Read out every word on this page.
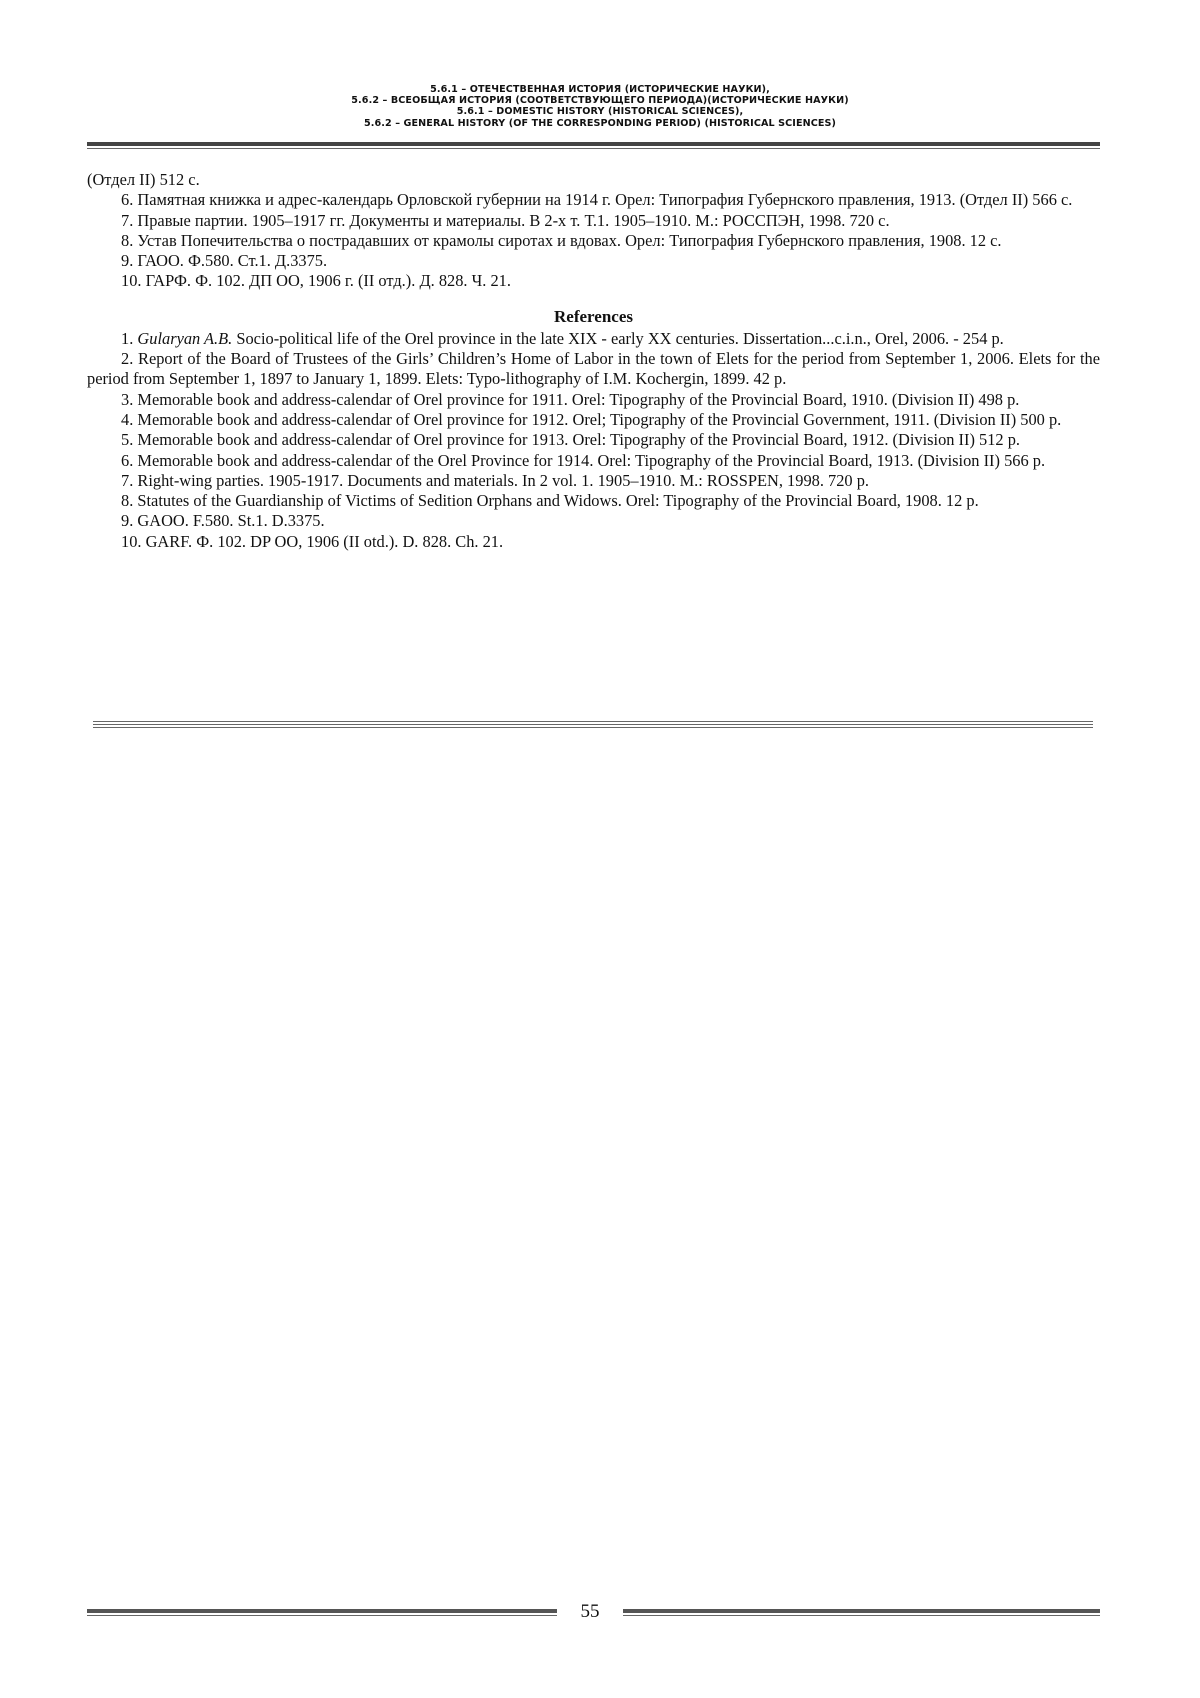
5.6.1 – ОТЕЧЕСТВЕННАЯ ИСТОРИЯ (ИСТОРИЧЕСКИЕ НАУКИ),
5.6.2 – ВСЕОБЩАЯ ИСТОРИЯ (СООТВЕТСТВУЮЩЕГО ПЕРИОДА)(ИСТОРИЧЕСКИЕ НАУКИ)
5.6.1 – DOMESTIC HISTORY (HISTORICAL SCIENCES),
5.6.2 – GENERAL HISTORY (OF THE CORRESPONDING PERIOD) (HISTORICAL SCIENCES)

(Отдел II) 512 с.

6. Памятная книжка и адрес-календарь Орловской губернии на 1914 г. Орел: Типография Губернского правления, 1913. (Отдел II) 566 с.

7. Правые партии. 1905–1917 гг. Документы и материалы. В 2-х т. Т.1. 1905–1910. М.: РОССПЭН, 1998. 720 с.

8. Устав Попечительства о пострадавших от крамолы сиротах и вдовах. Орел: Типография Губернского правления, 1908. 12 с.

9. ГАОО. Ф.580. Ст.1. Д.3375.

10. ГАРФ. Ф. 102. ДП ОО, 1906 г. (II отд.). Д. 828. Ч. 21.

References

1. Gularyan A.B. Socio-political life of the Orel province in the late XIX - early XX centuries. Dissertation...c.i.n., Orel, 2006. - 254 p.

2. Report of the Board of Trustees of the Girls’ Children’s Home of Labor in the town of Elets for the period from September 1, 2006. Elets for the period from September 1, 1897 to January 1, 1899. Elets: Typo-lithography of I.M. Kochergin, 1899. 42 p.

3. Memorable book and address-calendar of Orel province for 1911. Orel: Tipography of the Provincial Board, 1910. (Division II) 498 p.

4. Memorable book and address-calendar of Orel province for 1912. Orel; Tipography of the Provincial Government, 1911. (Division II) 500 p.

5. Memorable book and address-calendar of Orel province for 1913. Orel: Tipography of the Provincial Board, 1912. (Division II) 512 p.

6. Memorable book and address-calendar of the Orel Province for 1914. Orel: Tipography of the Provincial Board, 1913. (Division II) 566 p.

7. Right-wing parties. 1905-1917. Documents and materials. In 2 vol. 1. 1905–1910. M.: ROSSPEN, 1998. 720 p.

8. Statutes of the Guardianship of Victims of Sedition Orphans and Widows. Orel: Tipography of the Provincial Board, 1908. 12 p.

9. GAOO. F.580. St.1. D.3375.

10. GARF. Ф. 102. DP OO, 1906 (II otd.). D. 828. Ch. 21.

55
